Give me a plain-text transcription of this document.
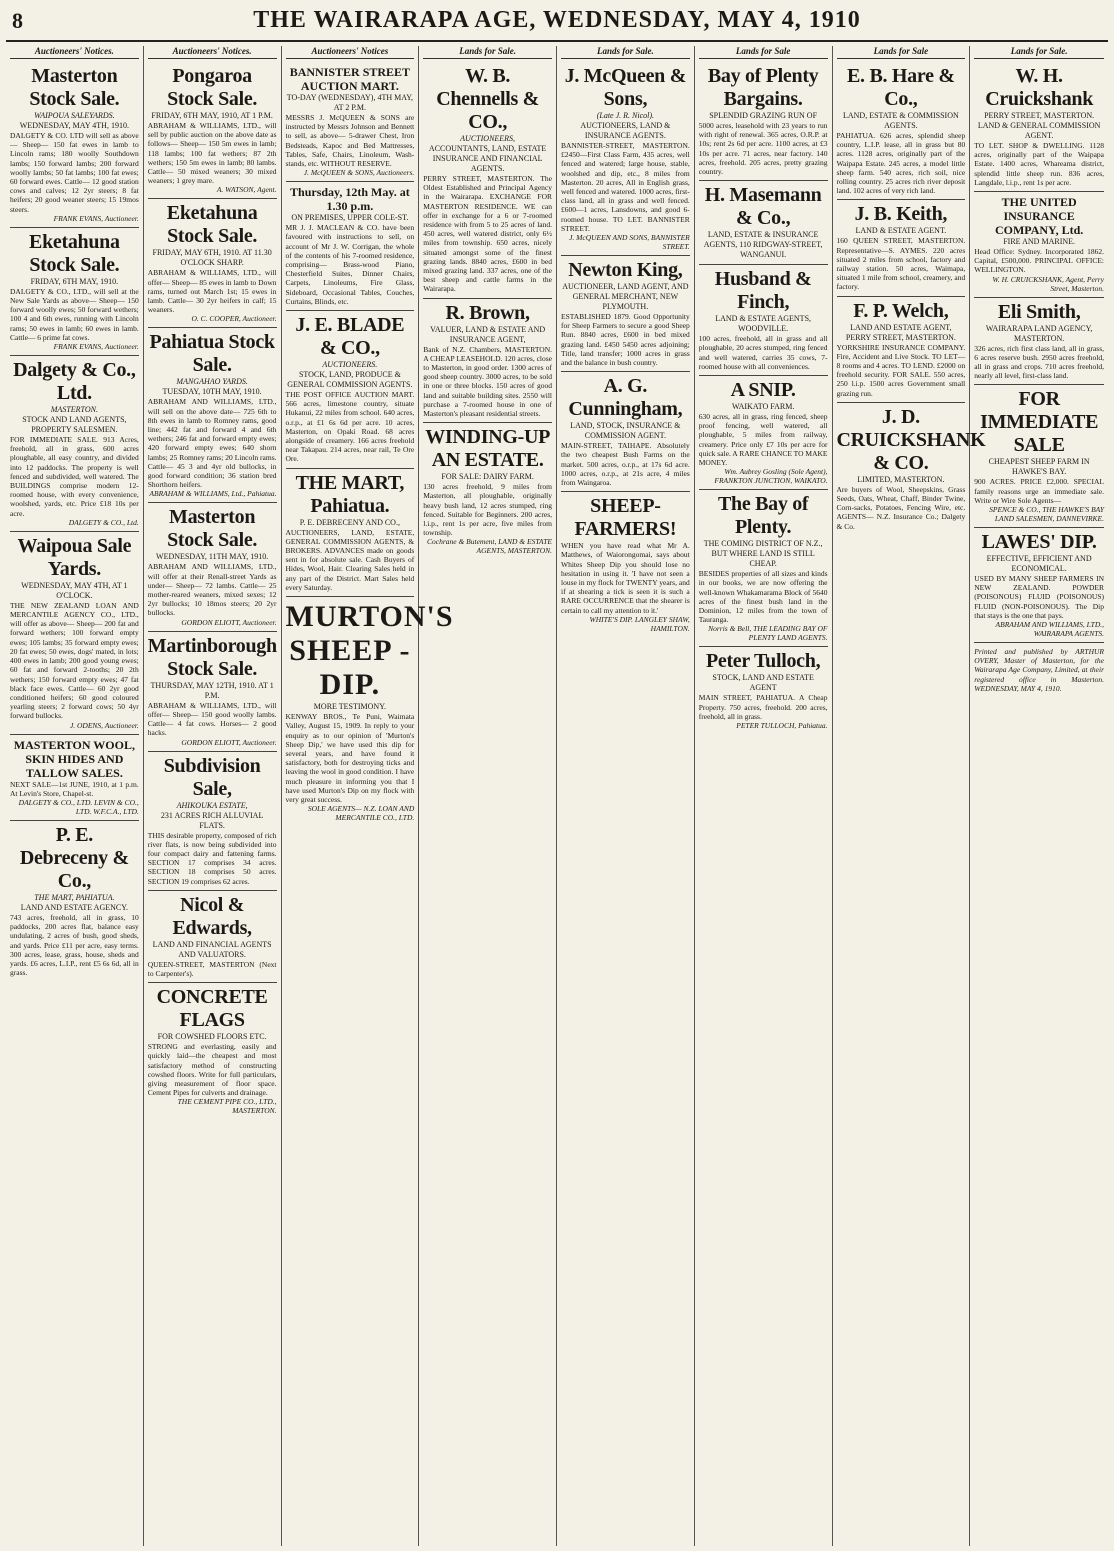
8	THE WAIRARAPA AGE, WEDNESDAY, MAY 4, 1910
Auctioneers' Notices.
Masterton Stock Sale.
WAIPOUA SALEYARDS.
WEDNESDAY, MAY 4TH, 1910.
DALGETY & CO. LTD will sell as above— Sheep— 150 fat ewes in lamb to Lincoln rams; 180 woolly Southdown lambs; 150 forward lambs; 200 forward woolly lambs; 50 fat lambs; 100 fat ewes; 60 forward ewes. Cattle— 12 good station cows and calves; 12 2yr steers; 8 fat heifers; 20 good weaner steers; 15 19mos steers.
FRANK EVANS, Auctioneer.
Eketahuna Stock Sale.
FRIDAY, 6TH MAY, 1910.
DALGETY & CO., LTD., will sell at the New Sale Yards as above— Sheep— 150 forward woolly ewes; 50 forward wethers; 100 4 and 6th ewes, running with Lincoln rams; 50 ewes in lamb; 60 ewes in lamb. Cattle— 6 prime fat cows.
FRANK EVANS, Auctioneer.
Dalgety & Co., Ltd.
MASTERTON.
STOCK AND LAND AGENTS, PROPERTY SALESMEN.
FOR IMMEDIATE SALE. 913 Acres, freehold, all in grass, 600 acres ploughable, all easy country, and divided into 12 paddocks. The property is well fenced and subdivided, well watered. The BUILDINGS comprise modern 12-roomed house, with every convenience, woolshed, yards, etc. Price £18 10s per acre.
DALGETY & CO., Ltd.
Waipoua Sale Yards.
WEDNESDAY, MAY 4TH, AT 1 O'CLOCK.
THE NEW ZEALAND LOAN AND MERCANTILE AGENCY CO., LTD., will offer as above— Sheep— 200 fat and forward wethers; 100 forward empty ewes; 105 lambs; 35 forward empty ewes; 20 fat ewes; 50 ewes, dogs' mated, in lots; 400 ewes in lamb; 200 good young ewes; 60 fat and forward 2-tooths; 20 2th wethers; 150 forward empty ewes; 47 fat black face ewes. Cattle— 60 2yr good conditioned heifers; 60 good coloured yearling steers; 2 forward cows; 50 4yr forward bullocks.
J. ODENS, Auctioneer.
MASTERTON WOOL, SKIN HIDES AND TALLOW SALES.
NEXT SALE—1st JUNE, 1910, at 1 p.m. At Levin's Store, Chapel-st.
DALGETY & CO., LTD. LEVIN & CO., LTD. W.F.C.A., LTD.
P. E. Debreceny & Co.,
THE MART, PAHIATUA.
LAND AND ESTATE AGENCY.
743 acres, freehold, all in grass, 10 paddocks, 200 acres flat, balance easy undulating, 2 acres of bush, good sheds, and yards. Price £11 per acre, easy terms. 300 acres, lease, grass, house, sheds and yards. £6 acres, L.I.P., rent £5 6s 6d, all in grass.
Auctioneers' Notices.
Pongaroa Stock Sale.
FRIDAY, 6TH MAY, 1910, AT 1 P.M.
ABRAHAM & WILLIAMS, LTD., will sell by public auction on the above date as follows— Sheep— 150 5m ewes in lamb; 118 lambs; 100 fat wethers; 87 2th wethers; 150 5m ewes in lamb; 80 lambs. Cattle— 50 mixed weaners; 30 mixed weaners; 1 grey mare.
A. WATSON, Agent.
Eketahuna Stock Sale.
FRIDAY, MAY 6TH, 1910. AT 11.30 O'CLOCK SHARP.
ABRAHAM & WILLIAMS, LTD., will offer— Sheep— 85 ewes in lamb to Down rams, turned out March 1st; 15 ewes in lamb. Cattle— 30 2yr heifers in calf; 15 weaners.
O. C. COOPER, Auctioneer.
Pahiatua Stock Sale.
MANGAHAO YARDS.
TUESDAY, 10TH MAY, 1910.
ABRAHAM AND WILLIAMS, LTD., will sell on the above date— 725 6th to 8th ewes in lamb to Romney rams, good line; 442 fat and forward 4 and 6th wethers; 246 fat and forward empty ewes; 420 forward empty ewes; 640 shorn lambs; 25 Romney rams; 20 Lincoln rams. Cattle— 45 3 and 4yr old bullocks, in good forward condition; 36 station bred Shorthorn heifers.
ABRAHAM & WILLIAMS, Ltd., Pahiatua.
Masterton Stock Sale.
WEDNESDAY, 11TH MAY, 1910.
ABRAHAM AND WILLIAMS, LTD., will offer at their Renall-street Yards as under— Sheep— 72 lambs. Cattle— 25 mother-reared weaners, mixed sexes; 12 2yr bullocks; 10 18mos steers; 20 2yr bullocks.
GORDON ELIOTT, Auctioneer.
Martinborough Stock Sale.
THURSDAY, MAY 12TH, 1910. AT 1 P.M.
ABRAHAM & WILLIAMS, LTD., will offer— Sheep— 150 good woolly lambs. Cattle— 4 fat cows. Horses— 2 good hacks.
GORDON ELIOTT, Auctioneer.
Subdivision Sale,
AHIKOUKA ESTATE,
231 ACRES RICH ALLUVIAL FLATS.
THIS desirable property, composed of rich river flats, is now being subdivided into four compact dairy and fattening farms. SECTION 17 comprises 34 acres. SECTION 18 comprises 50 acres. SECTION 19 comprises 62 acres.
Nicol & Edwards,
LAND AND FINANCIAL AGENTS AND VALUATORS.
QUEEN-STREET, MASTERTON (Next to Carpenter's).
CONCRETE FLAGS
FOR COWSHED FLOORS ETC.
STRONG and everlasting, easily and quickly laid—the cheapest and most satisfactory method of constructing cowshed floors. Write for full particulars, giving measurement of floor space. Cement Pipes for culverts and drainage.
THE CEMENT PIPE CO., LTD., MASTERTON.
Auctioneers' Notices
BANNISTER STREET AUCTION MART.
TO-DAY (WEDNESDAY), 4TH MAY, AT 2 P.M.
MESSRS J. McQUEEN & SONS are instructed by Messrs Johnson and Bennett to sell, as above— 5-drawer Chest, Iron Bedsteads, Kapoc and Bed Mattresses, Tables, Safe, Chairs, Linoleum, Wash-stands, etc. WITHOUT RESERVE.
J. McQUEEN & SONS, Auctioneers.
Thursday, 12th May. at 1.30 p.m.
ON PREMISES, UPPER COLE-ST.
MR J. J. MACLEAN & CO. have been favoured with instructions to sell, on account of Mr J. W. Corrigan, the whole of the contents of his 7-roomed residence, comprising— Brass-wood Piano, Chesterfield Suites, Dinner Chairs, Carpets, Linoleums, Fire Glass, Sideboard, Occasional Tables, Couches, Curtains, Blinds, etc.
J. E. BLADE & CO.,
AUCTIONEERS.
STOCK, LAND, PRODUCE & GENERAL COMMISSION AGENTS.
THE POST OFFICE AUCTION MART. 566 acres, limestone country, situate Hukanui, 22 miles from school. 640 acres, o.r.p., at £1 6s 6d per acre. 10 acres, Masterton, on Opaki Road. 68 acres alongside of creamery. 166 acres freehold near Takapau. 214 acres, near rail, Te Ore Ore.
THE MART, Pahiatua.
P. E. DEBRECENY AND CO.,
AUCTIONEERS, LAND, ESTATE, GENERAL COMMISSION AGENTS, & BROKERS. ADVANCES made on goods sent in for absolute sale. Cash Buyers of Hides, Wool, Hair. Clearing Sales held in any part of the District. Mart Sales held every Saturday.
MURTON'S
SHEEP - DIP.
MORE TESTIMONY.
KENWAY BROS., Te Puni, Waimata Valley, August 15, 1909. In reply to your enquiry as to our opinion of 'Murton's Sheep Dip,' we have used this dip for several years, and have found it satisfactory, both for destroying ticks and leaving the wool in good condition. I have much pleasure in informing you that I have used Murton's Dip on my flock with very great success.
SOLE AGENTS— N.Z. LOAN AND MERCANTILE CO., LTD.
Lands for Sale.
W. B. Chennells & CO.,
AUCTIONEERS,
ACCOUNTANTS, LAND, ESTATE INSURANCE AND FINANCIAL AGENTS.
PERRY STREET, MASTERTON. The Oldest Established and Principal Agency in the Wairarapa. EXCHANGE FOR MASTERTON RESIDENCE. WE can offer in exchange for a 6 or 7-roomed residence with from 5 to 25 acres of land. 450 acres, well watered district, only 6½ miles from township. 650 acres, nicely situated amongst some of the finest grazing lands. 8840 acres, £600 in bed mixed grazing land. 337 acres, one of the best sheep and cattle farms in the Wairarapa.
R. Brown,
VALUER, LAND & ESTATE AND INSURANCE AGENT,
Bank of N.Z. Chambers, MASTERTON. A CHEAP LEASEHOLD. 120 acres, close to Masterton, in good order. 1300 acres of good sheep country. 3000 acres, to be sold in one or three blocks. 150 acres of good land and suitable building sites. 2550 will purchase a 7-roomed house in one of Masterton's pleasant residential streets.
WINDING-UP AN ESTATE.
FOR SALE: DAIRY FARM.
130 acres freehold, 9 miles from Masterton, all ploughable, originally heavy bush land, 12 acres stumped, ring fenced. Suitable for Beginners. 200 acres, l.i.p., rent 1s per acre, five miles from township.
Cochrane & Butement, LAND & ESTATE AGENTS, MASTERTON.
Lands for Sale.
J. McQueen & Sons,
(Late J. R. Nicol).
AUCTIONEERS, LAND & INSURANCE AGENTS.
BANNISTER-STREET, MASTERTON. £2450—First Class Farm, 435 acres, well fenced and watered; large house, stable, woolshed and dip, etc., 8 miles from Masterton. 20 acres, All in English grass, well fenced and watered. 1000 acres, first-class land, all in grass and well fenced. £600—1 acres, Lansdowns, and good 6-roomed house. TO LET. BANNISTER STREET.
J. McQUEEN AND SONS, BANNISTER STREET.
Newton King,
AUCTIONEER, LAND AGENT, AND GENERAL MERCHANT, NEW PLYMOUTH.
ESTABLISHED 1879. Good Opportunity for Sheep Farmers to secure a good Sheep Run. 8840 acres, £600 in bed mixed grazing land. £450 5450 acres adjoining; Title, land transfer; 1000 acres in grass and the balance in bush country.
A. G. Cunningham,
LAND, STOCK, INSURANCE & COMMISSION AGENT.
MAIN-STREET, TAIHAPE. Absolutely the two cheapest Bush Farms on the market. 500 acres, o.r.p., at 17s 6d acre. 1000 acres, o.r.p., at 21s acre, 4 miles from Waingaroa.
SHEEP-FARMERS!
WHEN you have read what Mr A. Matthews, of Waiorongomai, says about Whites Sheep Dip you should lose no hesitation in using it. 'I have not seen a louse in my flock for TWENTY years, and if at shearing a tick is seen it is such a RARE OCCURRENCE that the shearer is certain to call my attention to it.'
WHITE'S DIP. LANGLEY SHAW, HAMILTON.
Lands for Sale
Bay of Plenty Bargains.
SPLENDID GRAZING RUN OF
5000 acres, leasehold with 23 years to run with right of renewal. 365 acres, O.R.P. at 10s; rent 2s 6d per acre. 1100 acres, at £3 10s per acre. 71 acres, near factory. 140 acres, freehold. 205 acres, pretty grazing country.
H. Masemann & Co.,
LAND, ESTATE & INSURANCE AGENTS, 110 RIDGWAY-STREET, WANGANUI.
Husband & Finch,
LAND & ESTATE AGENTS, WOODVILLE.
100 acres, freehold, all in grass and all ploughable, 20 acres stumped, ring fenced and well watered, carries 35 cows, 7-roomed house with all conveniences.
A SNIP.
WAIKATO FARM.
630 acres, all in grass, ring fenced, sheep proof fencing, well watered, all ploughable, 5 miles from railway, creamery. Price only £7 10s per acre for quick sale. A RARE CHANCE TO MAKE MONEY.
Wm. Aubrey Gosling (Sole Agent), FRANKTON JUNCTION, WAIKATO.
The Bay of Plenty.
THE COMING DISTRICT OF N.Z., BUT WHERE LAND IS STILL CHEAP.
BESIDES properties of all sizes and kinds in our books, we are now offering the well-known Whakamarama Block of 5640 acres of the finest bush land in the Dominion, 12 miles from the town of Tauranga.
Norris & Bell, THE LEADING BAY OF PLENTY LAND AGENTS.
Peter Tulloch,
STOCK, LAND AND ESTATE AGENT
MAIN STREET, PAHIATUA. A Cheap Property. 750 acres, freehold. 200 acres, freehold, all in grass.
PETER TULLOCH, Pahiatua.
Lands for Sale
E. B. Hare & Co.,
LAND, ESTATE & COMMISSION AGENTS.
PAHIATUA. 626 acres, splendid sheep country, L.I.P. lease, all in grass but 80 acres. 1128 acres, originally part of the Waipapa Estate. 245 acres, a model little sheep farm. 540 acres, rich soil, nice rolling country. 25 acres rich river deposit land. 102 acres of very rich land.
J. B. Keith,
LAND & ESTATE AGENT.
160 QUEEN STREET, MASTERTON. Representative—S. AYMES. 220 acres situated 2 miles from school, factory and railway station. 50 acres, Waimapa, situated 1 mile from school, creamery, and factory.
F. P. Welch,
LAND AND ESTATE AGENT, PERRY STREET, MASTERTON.
YORKSHIRE INSURANCE COMPANY. Fire, Accident and Live Stock. TO LET—8 rooms and 4 acres. TO LEND. £2000 on freehold security. FOR SALE. 550 acres, 250 l.i.p. 1500 acres Government small grazing run.
J. D. CRUICKSHANK & CO.
LIMITED, MASTERTON.
Are buyers of Wool, Sheepskins, Grass Seeds, Oats, Wheat, Chaff, Binder Twine, Corn-sacks, Potatoes, Fencing Wire, etc. AGENTS— N.Z. Insurance Co.; Dalgety & Co.
Lands for Sale.
W. H. Cruickshank
PERRY STREET, MASTERTON. LAND & GENERAL COMMISSION AGENT.
TO LET. SHOP & DWELLING. 1128 acres, originally part of the Waipapa Estate. 1400 acres, Whareama district, splendid little sheep run. 836 acres, Langdale, l.i.p., rent 1s per acre.
THE UNITED INSURANCE COMPANY, Ltd.
FIRE AND MARINE.
Head Office: Sydney. Incorporated 1862. Capital, £500,000. PRINCIPAL OFFICE: WELLINGTON.
W. H. CRUICKSHANK, Agent, Perry Street, Masterton.
Eli Smith,
WAIRARAPA LAND AGENCY, MASTERTON.
326 acres, rich first class land, all in grass, 6 acres reserve bush. 2950 acres freehold, all in grass and crops. 710 acres freehold, nearly all level, first-class land.
FOR IMMEDIATE SALE
CHEAPEST SHEEP FARM IN HAWKE'S BAY.
900 ACRES. PRICE £2,000. SPECIAL family reasons urge an immediate sale. Write or Wire Sole Agents—
SPENCE & CO., THE HAWKE'S BAY LAND SALESMEN, DANNEVIRKE.
LAWES' DIP.
EFFECTIVE, EFFICIENT AND ECONOMICAL.
USED BY MANY SHEEP FARMERS IN NEW ZEALAND. POWDER (POISONOUS) FLUID (POISONOUS) FLUID (NON-POISONOUS). The Dip that stays is the one that pays.
ABRAHAM AND WILLIAMS, LTD., WAIRARAPA AGENTS.
Printed and published by ARTHUR OVERY, Master of Masterton, for the Wairarapa Age Company, Limited, at their registered office in Masterton. WEDNESDAY, MAY 4, 1910.
